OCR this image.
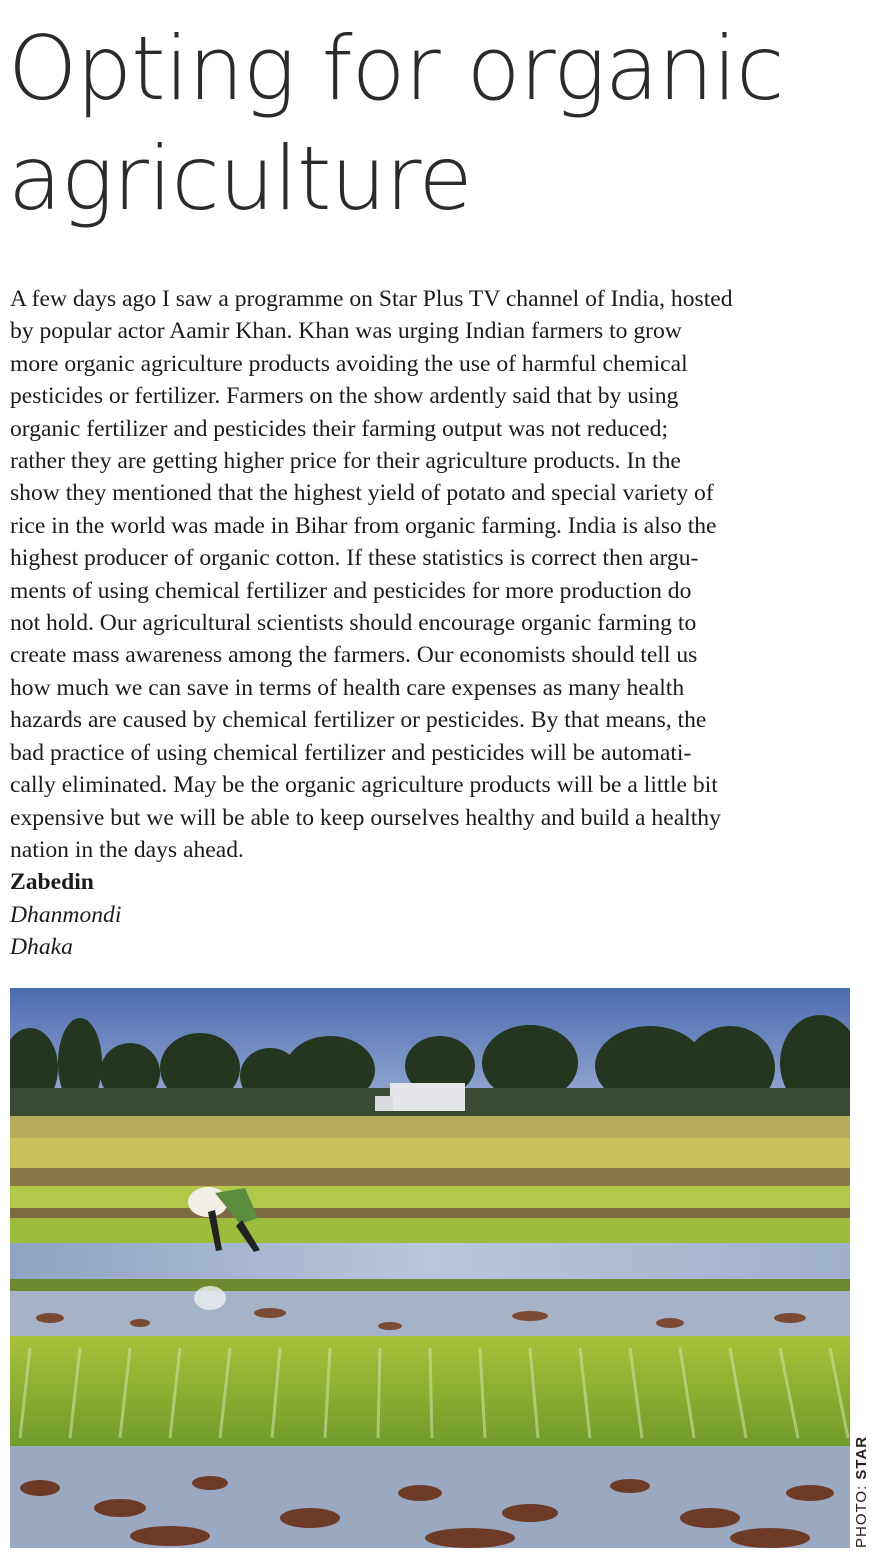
Opting for organic
agriculture
A few days ago I saw a programme on Star Plus TV channel of India, hosted
by popular actor Aamir Khan. Khan was urging Indian farmers to grow
more organic agriculture products avoiding the use of harmful chemical
pesticides or fertilizer. Farmers on the show ardently said that by using
organic fertilizer and pesticides their farming output was not reduced;
rather they are getting higher price for their agriculture products. In the
show they mentioned that the highest yield of potato and special variety of
rice in the world was made in Bihar from organic farming. India is also the
highest producer of organic cotton. If these statistics is correct then argu-
ments of using chemical fertilizer and pesticides for more production do
not hold. Our agricultural scientists should encourage organic farming to
create mass awareness among the farmers. Our economists should tell us
how much we can save in terms of health care expenses as many health
hazards are caused by chemical fertilizer or pesticides. By that means, the
bad practice of using chemical fertilizer and pesticides will be automati-
cally eliminated. May be the organic agriculture products will be a little bit
expensive but we will be able to keep ourselves healthy and build a healthy
nation in the days ahead.
Zabedin
Dhanmondi
Dhaka
PHOTO: STAR
